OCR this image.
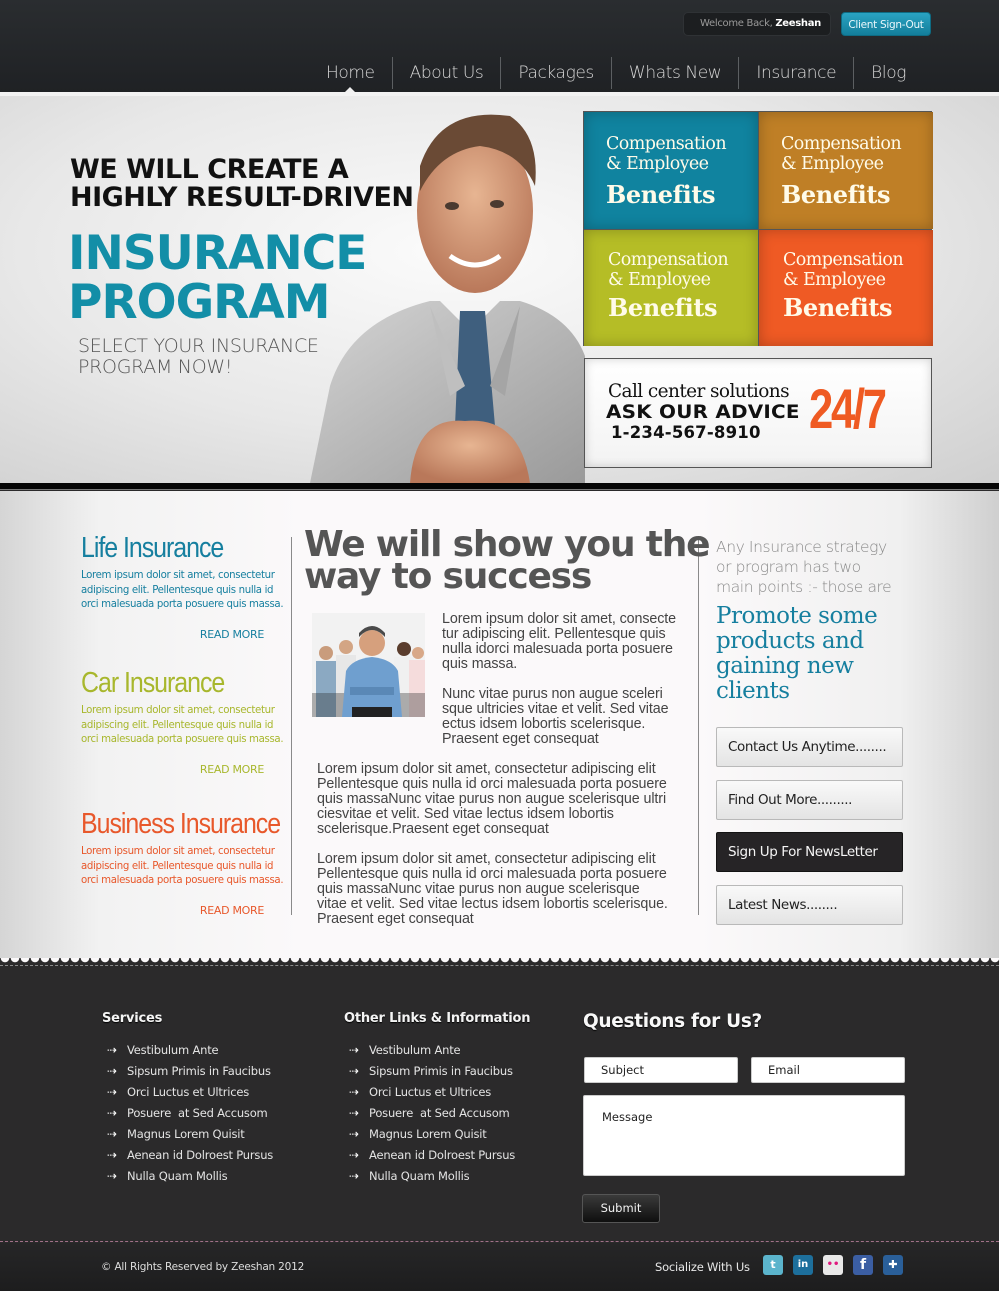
Welcome Back, Zeeshan	Client Sign-Out
Home	About Us	Packages	Whats New	Insurance	Blog
WE WILL CREATE A
HIGHLY RESULT-DRIVEN
INSURANCE
PROGRAM
SELECT YOUR INSURANCE
PROGRAM NOW!
Compensation
& Employee
Benefits
Compensation
& Employee
Benefits
Compensation
& Employee
Benefits
Compensation
& Employee
Benefits
Call center solutions
ASK OUR ADVICE
1-234-567-8910 24/7
Life Insurance

Lorem ipsum dolor sit amet, consectetur adipiscing elit. Pellentesque quis nulla id orci malesuada porta posuere quis massa.

READ MORE
Car Insurance

Lorem ipsum dolor sit amet, consectetur adipiscing elit. Pellentesque quis nulla id orci malesuada porta posuere quis massa.

READ MORE
Business Insurance

Lorem ipsum dolor sit amet, consectetur adipiscing elit. Pellentesque quis nulla id orci malesuada porta posuere quis massa.

READ MORE
We will show you the
way to success
Lorem ipsum dolor sit amet, consecte
tur adipiscing elit. Pellentesque quis
nulla idorci malesuada porta posuere
quis massa.
Nunc vitae purus non augue sceleri
sque ultricies vitae et velit. Sed vitae
ectus idsem lobortis scelerisque.
Praesent eget consequat
Lorem ipsum dolor sit amet, consectetur adipiscing elit
Pellentesque quis nulla id orci malesuada porta posuere
quis massaNunc vitae purus non augue scelerisque ultri
ciesvitae et velit. Sed vitae lectus idsem lobortis
scelerisque.Praesent eget consequat
Lorem ipsum dolor sit amet, consectetur adipiscing elit
Pellentesque quis nulla id orci malesuada porta posuere
quis massaNunc vitae purus non augue scelerisque
vitae et velit. Sed vitae lectus idsem lobortis scelerisque.
Praesent eget consequat
Any Insurance strategy
or program has two
main points :- those are
Promote some
products and
gaining new
clients
Contact Us Anytime........
Find Out More.........
Sign Up For NewsLetter
Latest News........
Services
⇢ Vestibulum Ante
⇢ Sipsum Primis in Faucibus
⇢ Orci Luctus et Ultrices
⇢ Posuere  at Sed Accusom
⇢ Magnus Lorem Quisit
⇢ Aenean id Dolroest Pursus
⇢ Nulla Quam Mollis
Other Links & Information
⇢ Vestibulum Ante
⇢ Sipsum Primis in Faucibus
⇢ Orci Luctus et Ultrices
⇢ Posuere  at Sed Accusom
⇢ Magnus Lorem Quisit
⇢ Aenean id Dolroest Pursus
⇢ Nulla Quam Mollis
Questions for Us?
Subject	Email
Message
Submit
© All Rights Reserved by Zeeshan 2012	Socialize With Us	t	in	••	f	✚
